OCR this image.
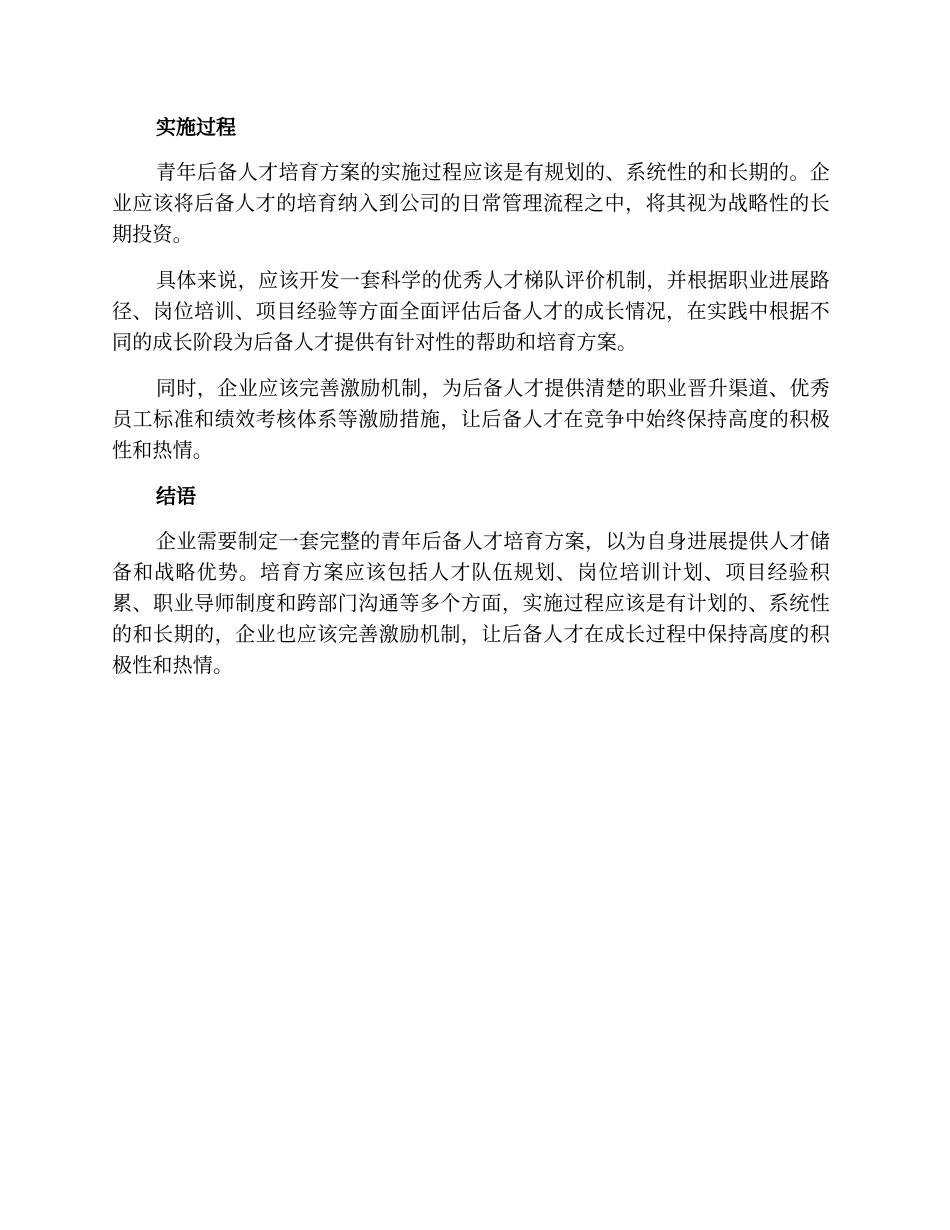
实施过程

青年后备人才培育方案的实施过程应该是有规划的、系统性的和长期的。企业应该将后备人才的培育纳入到公司的日常管理流程之中，将其视为战略性的长期投资。

具体来说，应该开发一套科学的优秀人才梯队评价机制，并根据职业进展路径、岗位培训、项目经验等方面全面评估后备人才的成长情况，在实践中根据不同的成长阶段为后备人才提供有针对性的帮助和培育方案。

同时，企业应该完善激励机制，为后备人才提供清楚的职业晋升渠道、优秀员工标准和绩效考核体系等激励措施，让后备人才在竞争中始终保持高度的积极性和热情。

结语

企业需要制定一套完整的青年后备人才培育方案，以为自身进展提供人才储备和战略优势。培育方案应该包括人才队伍规划、岗位培训计划、项目经验积累、职业导师制度和跨部门沟通等多个方面，实施过程应该是有计划的、系统性的和长期的，企业也应该完善激励机制，让后备人才在成长过程中保持高度的积极性和热情。
